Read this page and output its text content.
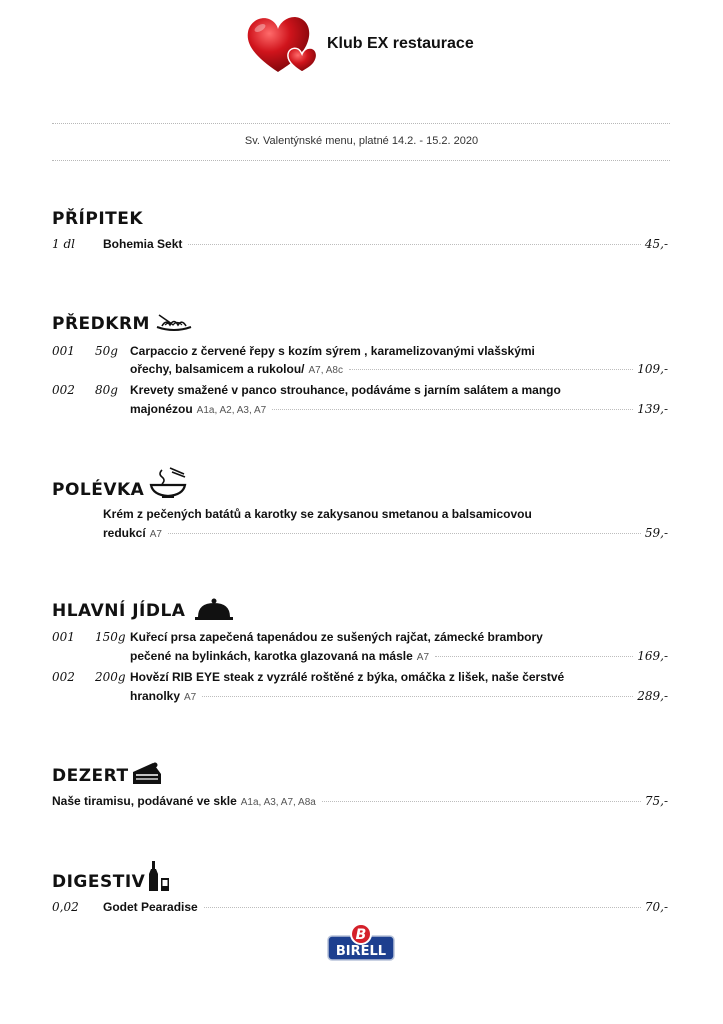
Klub EX restaurace
Sv. Valentýnské menu, platné 14.2. - 15.2. 2020
PŘÍPITEK
1 dl Bohemia Sekt	45,-
PŘEDKRM
001 50g Carpaccio z červené řepy s kozím sýrem , karamelizovanými vlašskými
ořechy, balsamicem a rukolou/ A7, A8c	109,-
002 80g Krevety smažené v panco strouhance, podáváme s jarním salátem a mango
majonézou A1a, A2, A3, A7	139,-
POLÉVKA
Krém z pečených batátů a karotky se zakysanou smetanou a balsamicovou
redukcí A7	59,-
HLAVNÍ JÍDLA
001 150g Kuřecí prsa zapečená tapenádou ze sušených rajčat, zámecké brambory
pečené na bylinkách, karotka glazovaná na másle A7	169,-
002 200g Hovězí RIB EYE steak z vyzrálé roštěné z býka, omáčka z lišek, naše čerstvé
hranolky A7	289,-
DEZERT
Naše tiramisu, podávané ve skle A1a, A3, A7, A8a	75,-
DIGESTIV
0,02 Godet Pearadise	70,-
B
BIRELL
